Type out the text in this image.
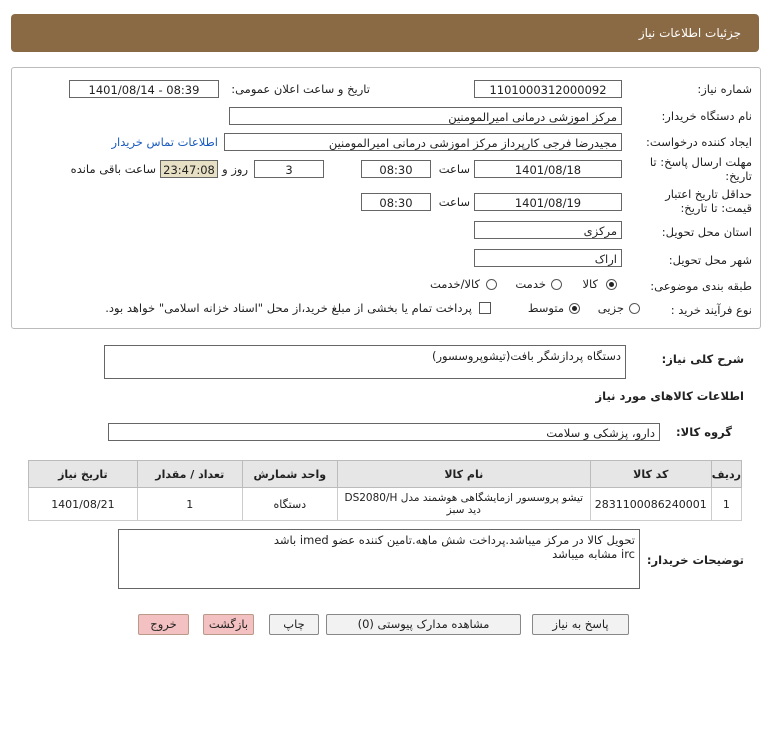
جزئیات اطلاعات نیاز
شماره نیاز:
1101000312000092
تاریخ و ساعت اعلان عمومی:
1401/08/14 - 08:39
نام دستگاه خریدار:
مرکز اموزشی درمانی امیرالمومنین
ایجاد کننده درخواست:
مجیدرضا فرجی کارپرداز مرکز اموزشی درمانی امیرالمومنین
اطلاعات تماس خریدار
مهلت ارسال پاسخ: تا
تاریخ:
1401/08/18
ساعت
08:30
3
روز و
23:47:08
ساعت باقی مانده
حداقل تاریخ اعتبار
قیمت: تا تاریخ:
1401/08/19
ساعت
08:30
استان محل تحویل:
مرکزی
شهر محل تحویل:
اراک
طبقه بندی موضوعی:
کالا
خدمت
کالا/خدمت
نوع فرآیند خرید :
جزیی
متوسط
پرداخت تمام یا بخشی از مبلغ خرید،از محل "اسناد خزانه اسلامی" خواهد بود.
شرح کلی نیاز:
دستگاه پردازشگر بافت(تیشوپروسسور)
اطلاعات کالاهای مورد نیاز
گروه کالا:
دارو، پزشکی و سلامت
ردیف	کد کالا	نام کالا	واحد شمارش	تعداد / مقدار	تاریخ نیاز
1	2831100086240001	تیشو پروسسور ازمایشگاهی هوشمند مدل DS2080/H دید سبز	دستگاه	1	1401/08/21
توضیحات خریدار:
تحویل کالا در مرکز میباشد.پرداخت شش ماهه.تامین کننده عضو imed باشد
irc مشابه میباشد
پاسخ به نیاز
مشاهده مدارک پیوستی (0)
چاپ
بازگشت
خروج
